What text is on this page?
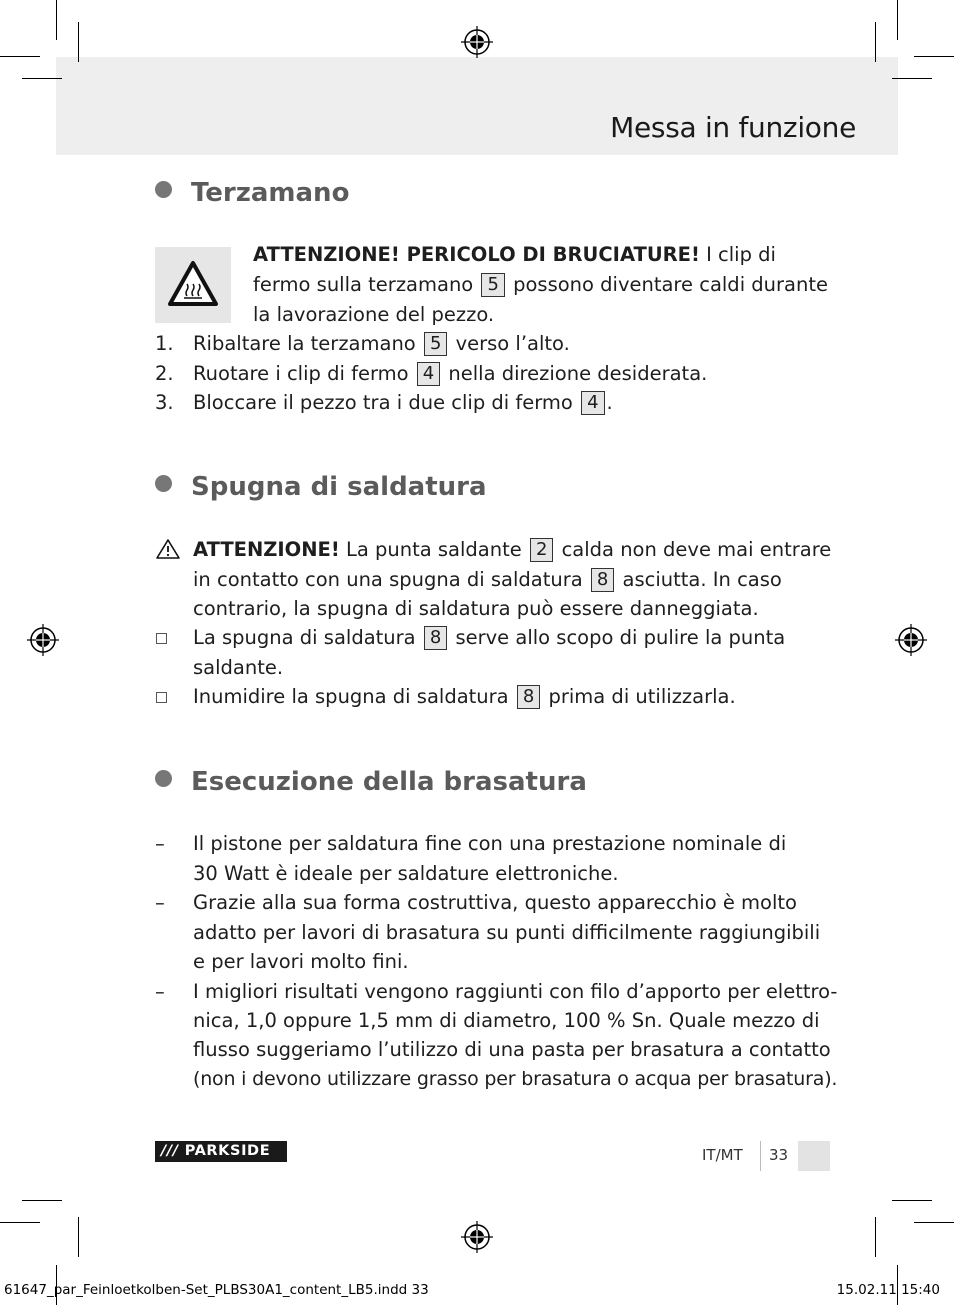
Messa in funzione
Terzamano
ATTENZIONE! PERICOLO DI BRUCIATURE! I clip di
fermo sulla terzamano 5 possono diventare caldi durante
la lavorazione del pezzo.
1. Ribaltare la terzamano 5 verso l’alto.
2. Ruotare i clip di fermo 4 nella direzione desiderata.
3. Bloccare il pezzo tra i due clip di fermo 4 .
Spugna di saldatura
ATTENZIONE! La punta saldante 2 calda non deve mai entrare
in contatto con una spugna di saldatura 8 asciutta. In caso
contrario, la spugna di saldatura può essere danneggiata.
La spugna di saldatura 8 serve allo scopo di pulire la punta
saldante.
Inumidire la spugna di saldatura 8 prima di utilizzarla.
Esecuzione della brasatura
– Il pistone per saldatura fine con una prestazione nominale di
30 Watt è ideale per saldature elettroniche.
– Grazie alla sua forma costruttiva, questo apparecchio è molto
adatto per lavori di brasatura su punti difficilmente raggiungibili
e per lavori molto fini.
– I migliori risultati vengono raggiunti con filo d’apporto per elettro-
nica, 1,0 oppure 1,5 mm di diametro, 100 % Sn. Quale mezzo di
flusso suggeriamo l’utilizzo di una pasta per brasatura a contatto
(non i devono utilizzare grasso per brasatura o acqua per brasatura).
/// PARKSIDE	IT/MT 33
61647_par_Feinloetkolben-Set_PLBS30A1_content_LB5.indd 33	15.02.11 15:40
